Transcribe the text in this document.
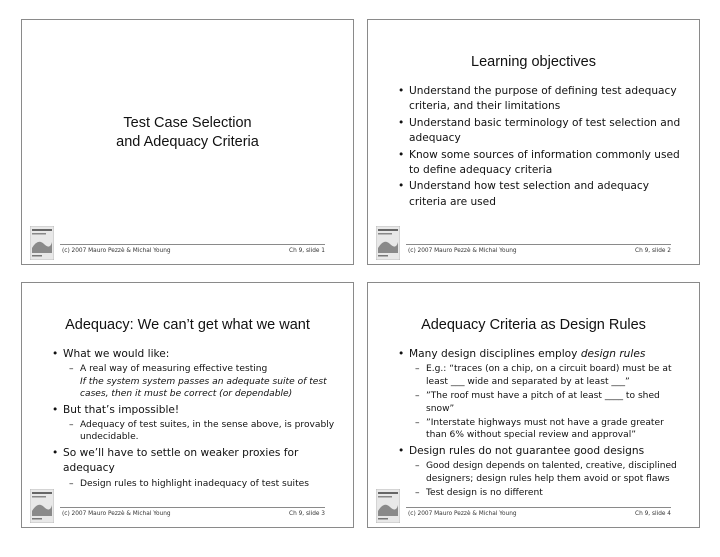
Test Case Selection
and Adequacy Criteria
(c) 2007 Mauro Pezzè & Michal Young	Ch 9, slide 1
Learning objectives
• Understand the purpose of defining test adequacy criteria, and their limitations
• Understand basic terminology of test selection and adequacy
• Know some sources of information commonly used to define adequacy criteria
• Understand how test selection and adequacy criteria are used
(c) 2007 Mauro Pezzè & Michal Young	Ch 9, slide 2
Adequacy: We can’t get what we want
• What we would like:
– A real way of measuring effective testing
If the system system passes an adequate suite of test cases, then it must be correct (or dependable)
• But that’s impossible!
– Adequacy of test suites, in the sense above, is provably undecidable.
• So we’ll have to settle on weaker proxies for adequacy
– Design rules to highlight inadequacy of test suites
(c) 2007 Mauro Pezzè & Michal Young	Ch 9, slide 3
Adequacy Criteria as Design Rules
• Many design disciplines employ design rules
– E.g.: “traces (on a chip, on a circuit board) must be at least ___ wide and separated by at least ___”
– ”The roof must have a pitch of at least ____ to shed snow”
– ”Interstate highways must not have a grade greater than 6% without special review and approval”
• Design rules do not guarantee good designs
– Good design depends on talented, creative, disciplined designers; design rules help them avoid or spot flaws
– Test design is no different
(c) 2007 Mauro Pezzè & Michal Young	Ch 9, slide 4
